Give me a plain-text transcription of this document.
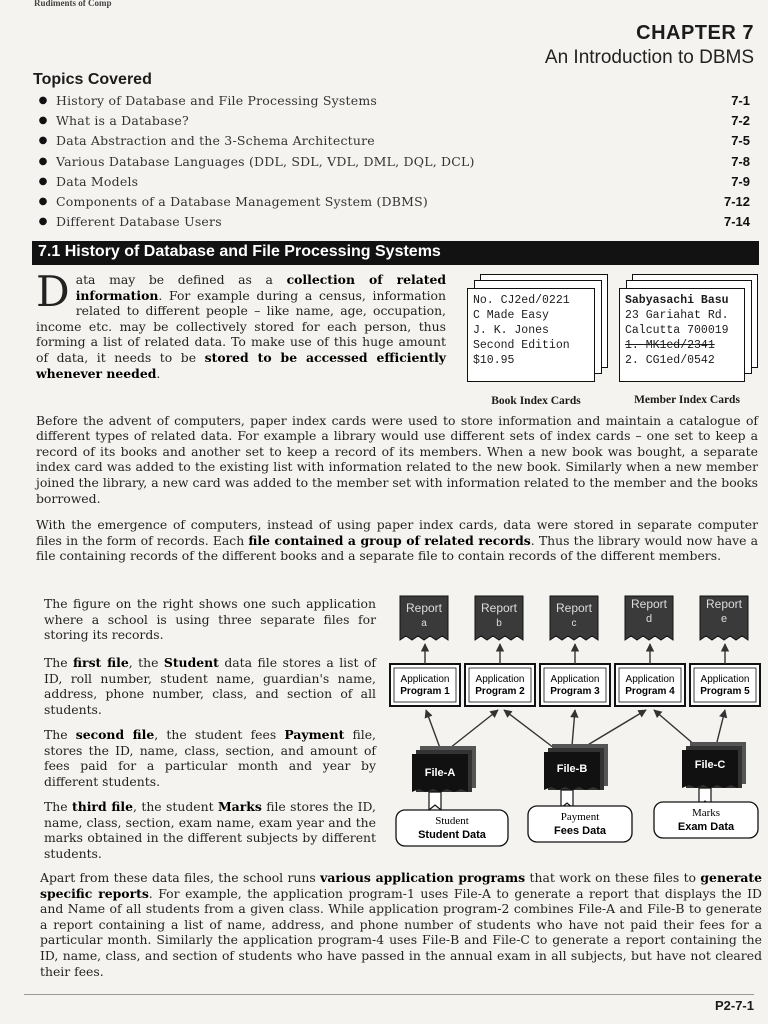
Rudiments of Comp
CHAPTER 7
An Introduction to DBMS
Topics Covered
● History of Database and File Processing Systems	7-1
● What is a Database?	7-2
● Data Abstraction and the 3-Schema Architecture	7-5
● Various Database Languages (DDL, SDL, VDL, DML, DQL, DCL)	7-8
● Data Models	7-9
● Components of a Database Management System (DBMS)	7-12
● Different Database Users	7-14
7.1 History of Database and File Processing Systems

Data may be defined as a collection of related information. For example during a census, information related to different people – like name, age, occupation, income etc. may be collectively stored for each person, thus forming a list of related data. To make use of this huge amount of data, it needs to be stored to be accessed efficiently whenever needed.

No. CJ2ed/0221
C Made Easy
J. K. Jones
Second Edition
$10.95
Book Index Cards
Sabyasachi Basu
23 Gariahat Rd.
Calcutta 700019
1. MK1ed/2341
2. CG1ed/0542
Member Index Cards

Before the advent of computers, paper index cards were used to store information and maintain a catalogue of different types of related data. For example a library would use different sets of index cards – one set to keep a record of its books and another set to keep a record of its members. When a new book was bought, a separate index card was added to the existing list with information related to the new book. Similarly when a new member joined the library, a new card was added to the member set with information related to the member and the books borrowed.

With the emergence of computers, instead of using paper index cards, data were stored in separate computer files in the form of records. Each file contained a group of related records. Thus the library would now have a file containing records of the different books and a separate file to contain records of the different members.

The figure on the right shows one such application where a school is using three separate files for storing its records.

The first file, the Student data file stores a list of ID, roll number, student name, guardian's name, address, phone number, class, and section of all students.

The second file, the student fees Payment file, stores the ID, name, class, section, and amount of fees paid for a particular month and year by different students.

The third file, the student Marks file stores the ID, name, class, section, exam name, exam year and the marks obtained in the different subjects by different students.

Report
a
Report
b
Report
c
Report
d
Report
e
Application
Program 1
Application
Program 2
Application
Program 3
Application
Program 4
Application
Program 5
File-A	File-B	File-C
Student
Student Data
Payment
Fees Data
Marks
Exam Data

Apart from these data files, the school runs various application programs that work on these files to generate specific reports. For example, the application program-1 uses File-A to generate a report that displays the ID and Name of all students from a given class. While application program-2 combines File-A and File-B to generate a report containing a list of name, address, and phone number of students who have not paid their fees for a particular month. Similarly the application program-4 uses File-B and File-C to generate a report containing the ID, name, class, and section of students who have passed in the annual exam in all subjects, but have not cleared their fees.

P2-7-1
